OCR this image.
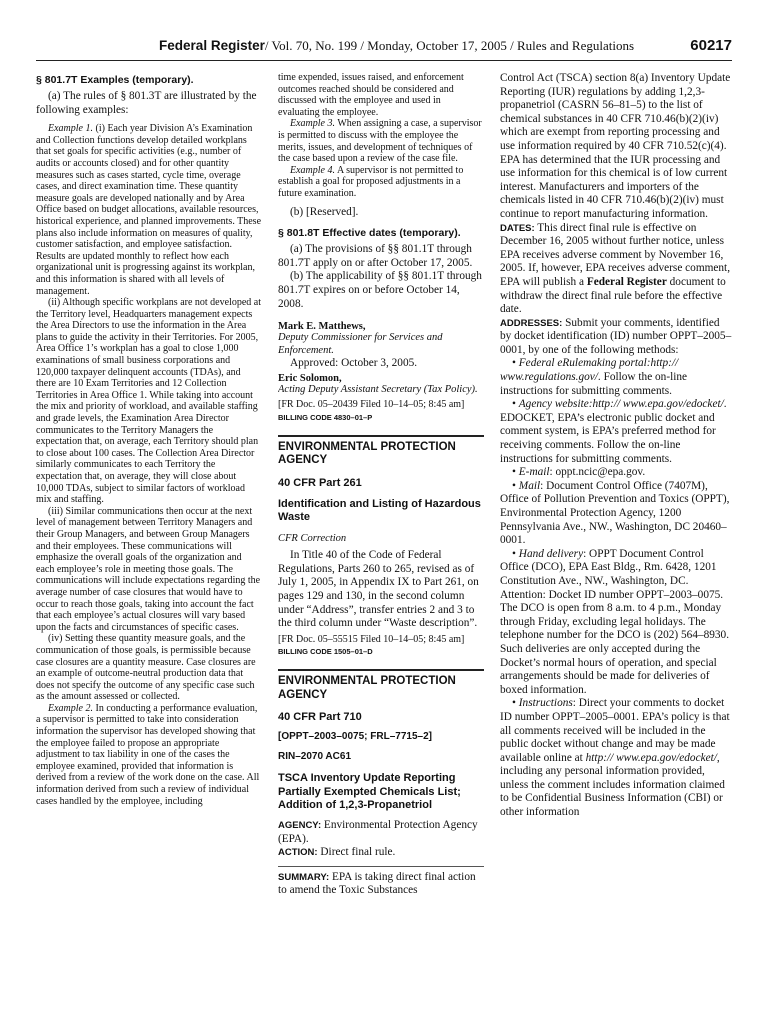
Federal Register/ Vol. 70, No. 199 / Monday, October 17, 2005 / Rules and Regulations	60217

§ 801.7T Examples (temporary).

(a) The rules of § 801.3T are illustrated by the following examples:

Example 1. (i) Each year Division A’s Examination and Collection functions develop detailed workplans that set goals for specific activities (e.g., number of audits or accounts closed) and for other quantity measures such as cases started, cycle time, overage cases, and direct examination time. These quantity measure goals are developed nationally and by Area Office based on budget allocations, available resources, historical experience, and planned improvements. These plans also include information on measures of quality, customer satisfaction, and employee satisfaction. Results are updated monthly to reflect how each organizational unit is progressing against its workplan, and this information is shared with all levels of management.

(ii) Although specific workplans are not developed at the Territory level, Headquarters management expects the Area Directors to use the information in the Area plans to guide the activity in their Territories. For 2005, Area Office 1’s workplan has a goal to close 1,000 examinations of small business corporations and 120,000 taxpayer delinquent accounts (TDAs), and there are 10 Exam Territories and 12 Collection Territories in Area Office 1. While taking into account the mix and priority of workload, and available staffing and grade levels, the Examination Area Director communicates to the Territory Managers the expectation that, on average, each Territory should plan to close about 100 cases. The Collection Area Director similarly communicates to each Territory the expectation that, on average, they will close about 10,000 TDAs, subject to similar factors of workload mix and staffing.

(iii) Similar communications then occur at the next level of management between Territory Managers and their Group Managers, and between Group Managers and their employees. These communications will emphasize the overall goals of the organization and each employee’s role in meeting those goals. The communications will include expectations regarding the average number of case closures that would have to occur to reach those goals, taking into account the fact that each employee’s actual closures will vary based upon the facts and circumstances of specific cases.

(iv) Setting these quantity measure goals, and the communication of those goals, is permissible because case closures are a quantity measure. Case closures are an example of outcome-neutral production data that does not specify the outcome of any specific case such as the amount assessed or collected.

Example 2. In conducting a performance evaluation, a supervisor is permitted to take into consideration information the supervisor has developed showing that the employee failed to propose an appropriate adjustment to tax liability in one of the cases the employee examined, provided that information is derived from a review of the work done on the case. All information derived from such a review of individual cases handled by the employee, including

time expended, issues raised, and enforcement outcomes reached should be considered and discussed with the employee and used in evaluating the employee.

Example 3. When assigning a case, a supervisor is permitted to discuss with the employee the merits, issues, and development of techniques of the case based upon a review of the case file.

Example 4. A supervisor is not permitted to establish a goal for proposed adjustments in a future examination.

(b) [Reserved].

§ 801.8T Effective dates (temporary).

(a) The provisions of §§ 801.1T through 801.7T apply on or after October 17, 2005.

(b) The applicability of §§ 801.1T through 801.7T expires on or before October 14, 2008.

Mark E. Matthews,

Deputy Commissioner for Services and Enforcement.

Approved: October 3, 2005.

Eric Solomon,

Acting Deputy Assistant Secretary (Tax Policy).

[FR Doc. 05–20439 Filed 10–14–05; 8:45 am]

BILLING CODE 4830–01–P

ENVIRONMENTAL PROTECTION AGENCY

40 CFR Part 261

Identification and Listing of Hazardous Waste

CFR Correction

In Title 40 of the Code of Federal Regulations, Parts 260 to 265, revised as of July 1, 2005, in Appendix IX to Part 261, on pages 129 and 130, in the second column under “Address”, transfer entries 2 and 3 to the third column under “Waste description”.

[FR Doc. 05–55515 Filed 10–14–05; 8:45 am]

BILLING CODE 1505–01–D

ENVIRONMENTAL PROTECTION AGENCY

40 CFR Part 710

[OPPT–2003–0075; FRL–7715–2]

RIN–2070 AC61

TSCA Inventory Update Reporting Partially Exempted Chemicals List; Addition of 1,2,3-Propanetriol

AGENCY: Environmental Protection Agency (EPA).

ACTION: Direct final rule.

SUMMARY: EPA is taking direct final action to amend the Toxic Substances

Control Act (TSCA) section 8(a) Inventory Update Reporting (IUR) regulations by adding 1,2,3-propanetriol (CASRN 56–81–5) to the list of chemical substances in 40 CFR 710.46(b)(2)(iv) which are exempt from reporting processing and use information required by 40 CFR 710.52(c)(4). EPA has determined that the IUR processing and use information for this chemical is of low current interest. Manufacturers and importers of the chemicals listed in 40 CFR 710.46(b)(2)(iv) must continue to report manufacturing information.

DATES: This direct final rule is effective on December 16, 2005 without further notice, unless EPA receives adverse comment by November 16, 2005. If, however, EPA receives adverse comment, EPA will publish a Federal Register document to withdraw the direct final rule before the effective date.

ADDRESSES: Submit your comments, identified by docket identification (ID) number OPPT–2005–0001, by one of the following methods:

• Federal eRulemaking portal:http:// www.regulations.gov/. Follow the on-line instructions for submitting comments.

• Agency website:http:// www.epa.gov/edocket/. EDOCKET, EPA’s electronic public docket and comment system, is EPA’s preferred method for receiving comments. Follow the on-line instructions for submitting comments.

• E-mail: oppt.ncic@epa.gov.

• Mail: Document Control Office (7407M), Office of Pollution Prevention and Toxics (OPPT), Environmental Protection Agency, 1200 Pennsylvania Ave., NW., Washington, DC 20460–0001.

• Hand delivery: OPPT Document Control Office (DCO), EPA East Bldg., Rm. 6428, 1201 Constitution Ave., NW., Washington, DC. Attention: Docket ID number OPPT–2003–0075. The DCO is open from 8 a.m. to 4 p.m., Monday through Friday, excluding legal holidays. The telephone number for the DCO is (202) 564–8930. Such deliveries are only accepted during the Docket’s normal hours of operation, and special arrangements should be made for deliveries of boxed information.

• Instructions: Direct your comments to docket ID number OPPT–2005–0001. EPA’s policy is that all comments received will be included in the public docket without change and may be made available online at http:// www.epa.gov/edocket/, including any personal information provided, unless the comment includes information claimed to be Confidential Business Information (CBI) or other information
